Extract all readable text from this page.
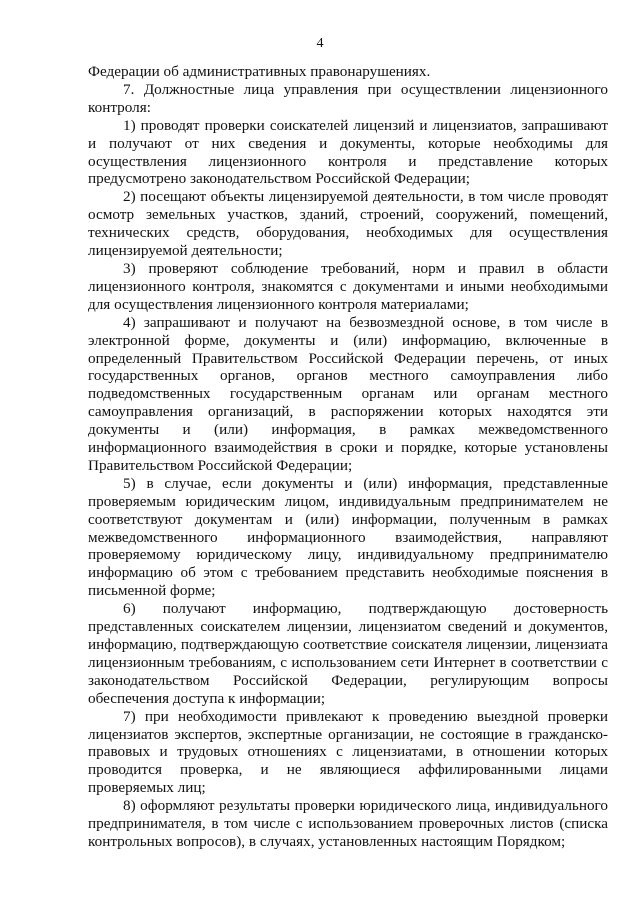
4

Федерации об административных правонарушениях.

7. Должностные лица управления при осуществлении лицензионного контроля:

1) проводят проверки соискателей лицензий и лицензиатов, запрашивают и получают от них сведения и документы, которые необходимы для осуществления лицензионного контроля и представление которых предусмотрено законодательством Российской Федерации;

2) посещают объекты лицензируемой деятельности, в том числе проводят осмотр земельных участков, зданий, строений, сооружений, помещений, технических средств, оборудования, необходимых для осуществления лицензируемой деятельности;

3) проверяют соблюдение требований, норм и правил в области лицензионного контроля, знакомятся с документами и иными необходимыми для осуществления лицензионного контроля материалами;

4) запрашивают и получают на безвозмездной основе, в том числе в электронной форме, документы и (или) информацию, включенные в определенный Правительством Российской Федерации перечень, от иных государственных органов, органов местного самоуправления либо подведомственных государственным органам или органам местного самоуправления организаций, в распоряжении которых находятся эти документы и (или) информация, в рамках межведомственного информационного взаимодействия в сроки и порядке, которые установлены Правительством Российской Федерации;

5) в случае, если документы и (или) информация, представленные проверяемым юридическим лицом, индивидуальным предпринимателем не соответствуют документам и (или) информации, полученным в рамках межведомственного информационного взаимодействия, направляют проверяемому юридическому лицу, индивидуальному предпринимателю информацию об этом с требованием представить необходимые пояснения в письменной форме;

6) получают информацию, подтверждающую достоверность представленных соискателем лицензии, лицензиатом сведений и документов, информацию, подтверждающую соответствие соискателя лицензии, лицензиата лицензионным требованиям, с использованием сети Интернет в соответствии с законодательством Российской Федерации, регулирующим вопросы обеспечения доступа к информации;

7) при необходимости привлекают к проведению выездной проверки лицензиатов экспертов, экспертные организации, не состоящие в гражданско-правовых и трудовых отношениях с лицензиатами, в отношении которых проводится проверка, и не являющиеся аффилированными лицами проверяемых лиц;

8) оформляют результаты проверки юридического лица, индивидуального предпринимателя, в том числе с использованием проверочных листов (списка контрольных вопросов), в случаях, установленных настоящим Порядком;
